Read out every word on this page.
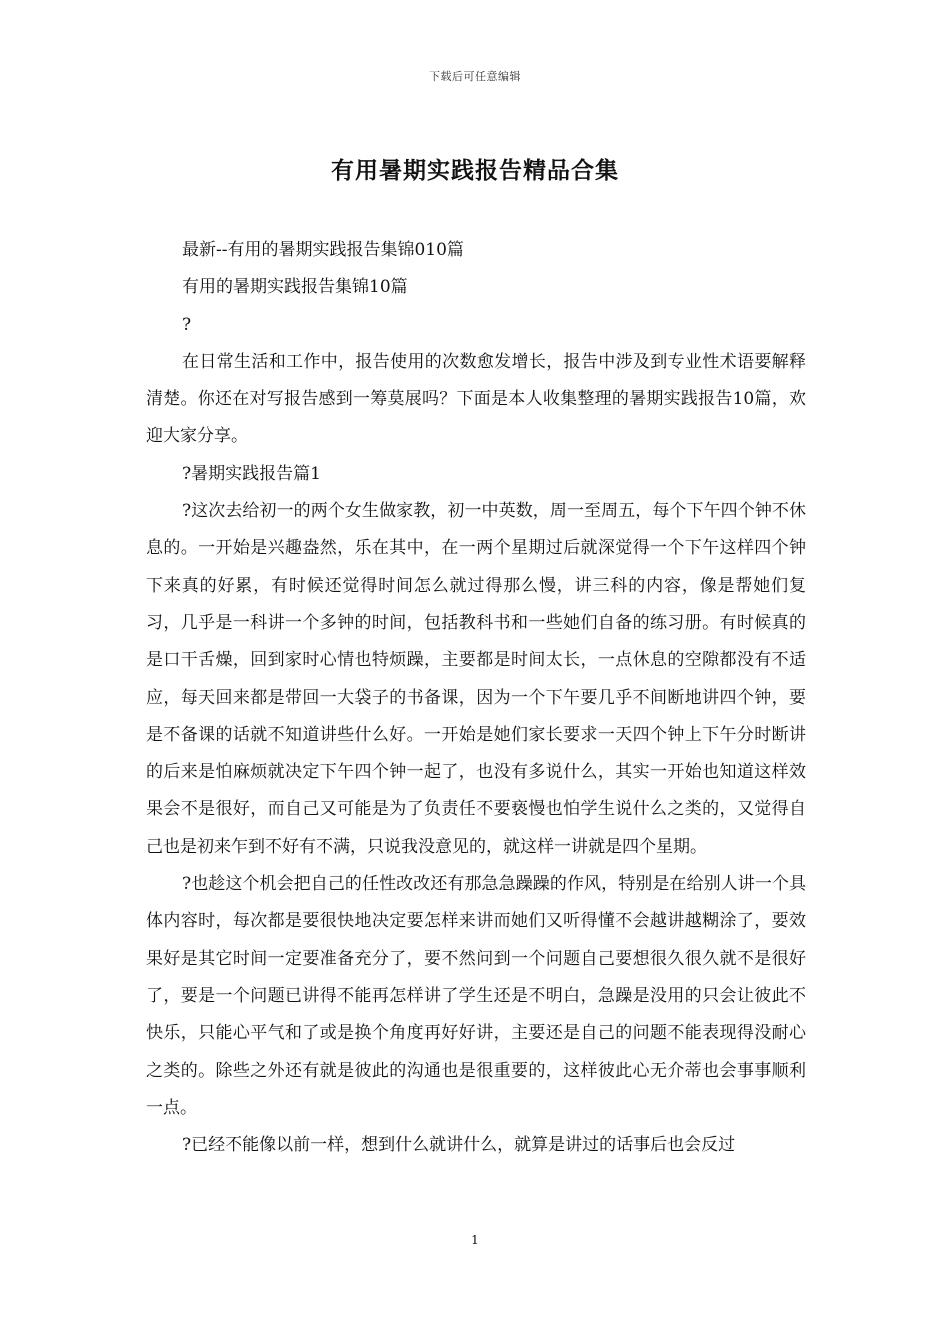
下载后可任意编辑
有用暑期实践报告精品合集

最新--有用的暑期实践报告集锦010篇

有用的暑期实践报告集锦10篇

?

在日常生活和工作中，报告使用的次数愈发增长，报告中涉及到专业性术语要解释清楚。你还在对写报告感到一筹莫展吗？下面是本人收集整理的暑期实践报告10篇，欢迎大家分享。

?暑期实践报告篇1

?这次去给初一的两个女生做家教，初一中英数，周一至周五，每个下午四个钟不休息的。一开始是兴趣盎然，乐在其中，在一两个星期过后就深觉得一个下午这样四个钟下来真的好累，有时候还觉得时间怎么就过得那么慢，讲三科的内容，像是帮她们复习，几乎是一科讲一个多钟的时间，包括教科书和一些她们自备的练习册。有时候真的是口干舌燥，回到家时心情也特烦躁，主要都是时间太长，一点休息的空隙都没有不适应，每天回来都是带回一大袋子的书备课，因为一个下午要几乎不间断地讲四个钟，要是不备课的话就不知道讲些什么好。一开始是她们家长要求一天四个钟上下午分时断讲的后来是怕麻烦就决定下午四个钟一起了，也没有多说什么，其实一开始也知道这样效果会不是很好，而自己又可能是为了负责任不要亵慢也怕学生说什么之类的，又觉得自己也是初来乍到不好有不满，只说我没意见的，就这样一讲就是四个星期。

?也趁这个机会把自己的任性改改还有那急急躁躁的作风，特别是在给别人讲一个具体内容时，每次都是要很快地决定要怎样来讲而她们又听得懂不会越讲越糊涂了，要效果好是其它时间一定要准备充分了，要不然问到一个问题自己要想很久很久就不是很好了，要是一个问题已讲得不能再怎样讲了学生还是不明白，急躁是没用的只会让彼此不快乐，只能心平气和了或是换个角度再好好讲，主要还是自己的问题不能表现得没耐心之类的。除些之外还有就是彼此的沟通也是很重要的，这样彼此心无介蒂也会事事顺利一点。

?已经不能像以前一样，想到什么就讲什么，就算是讲过的话事后也会反过

1
